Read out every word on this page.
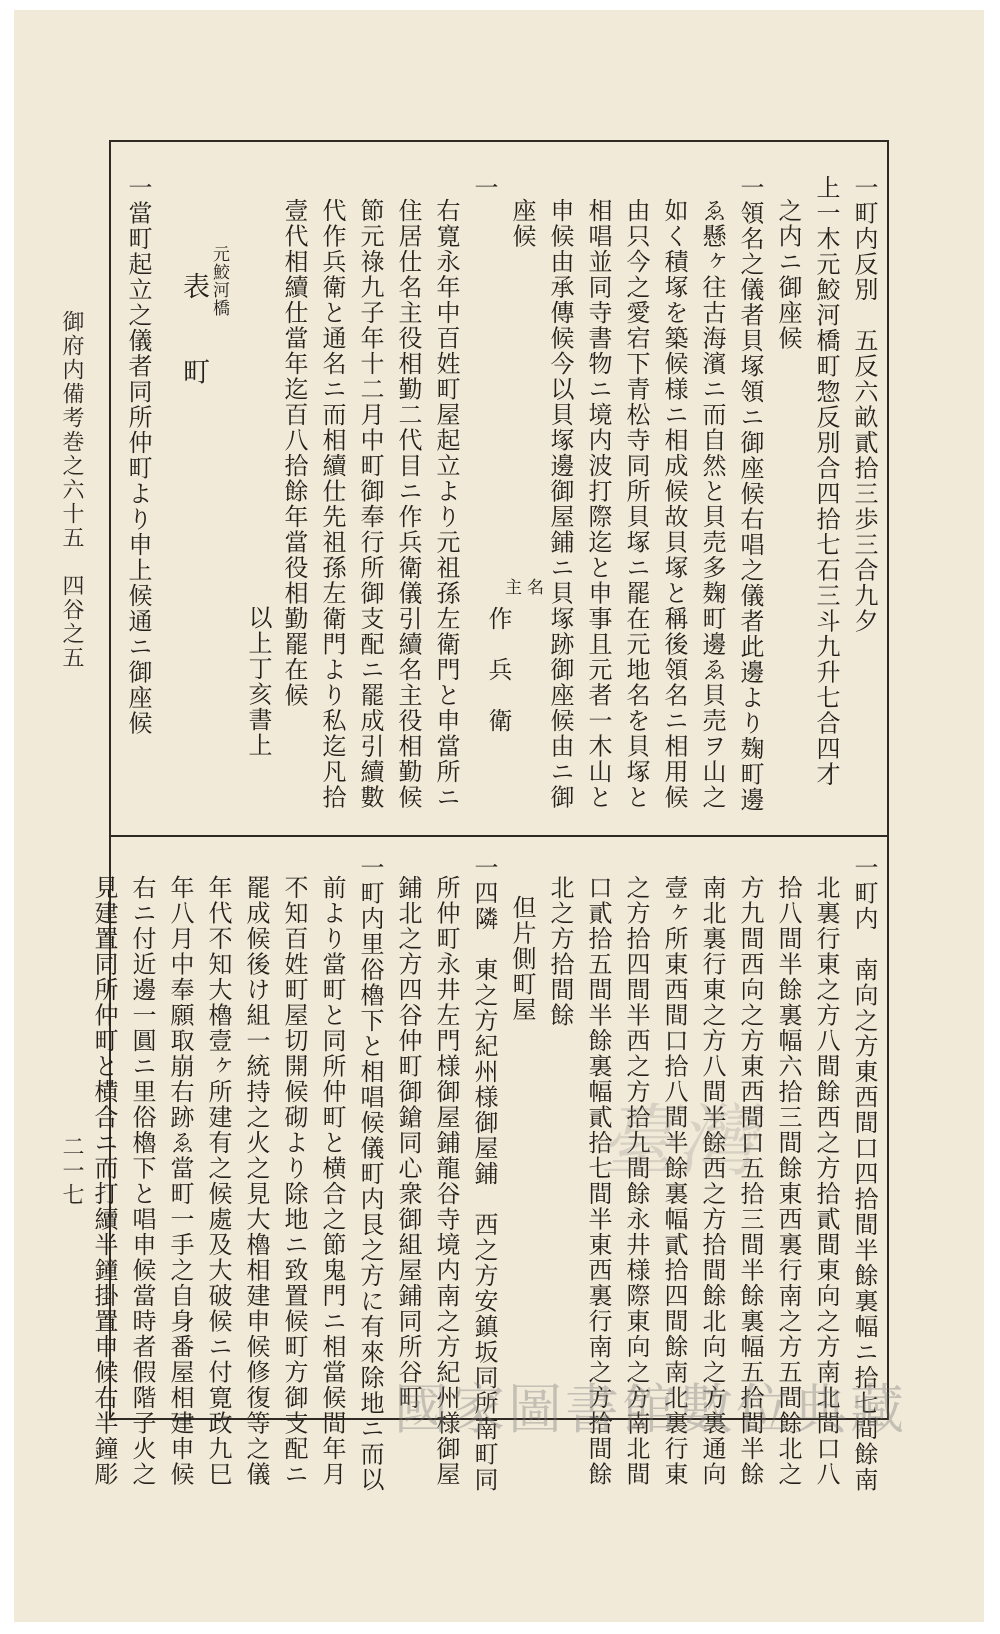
御府内備考巻之六十五　四谷之五
二一七
一町内反別　五反六畝貳拾三歩三合九夕
上一木元鮫河橋町惣反別合四拾七石三斗九升七合四才
之内ニ御座候
一領名之儀者貝塚領ニ御座候右唱之儀者此邊より麹町邊
ゑ懸ヶ往古海濱ニ而自然と貝売多麹町邊ゑ貝売ヲ山之
如く積塚を築候様ニ相成候故貝塚と稱後領名ニ相用候
由只今之愛宕下青松寺同所貝塚ニ罷在元地名を貝塚と
相唱並同寺書物ニ境内波打際迄と申事且元者一木山と
申候由承傳候今以貝塚邊御屋鋪ニ貝塚跡御座候由ニ御
座候
主 名
作　兵　衛
一
右寛永年中百姓町屋起立より元祖孫左衛門と申當所ニ
住居仕名主役相勤二代目ニ作兵衛儀引續名主役相勤候
節元祿九子年十二月中町御奉行所御支配ニ罷成引續數
代作兵衛と通名ニ而相續仕先祖孫左衛門より私迄凡拾
壹代相續仕當年迄百八拾餘年當役相勤罷在候
以上丁亥書上
元鮫河橋
表　　町
一當町起立之儀者同所仲町より申上候通ニ御座候
一町内　南向之方東西間口四拾間半餘裏幅ニ拾七間餘南
北裏行東之方八間餘西之方拾貳間東向之方南北間口八
拾八間半餘裏幅六拾三間餘東西裏行南之方五間餘北之
方九間西向之方東西間口五拾三間半餘裏幅五拾間半餘
南北裏行東之方八間半餘西之方拾間餘北向之方裏通向
壹ヶ所東西間口拾八間半餘裏幅貳拾四間餘南北裏行東
之方拾四間半西之方拾九間餘永井様際東向之方南北間
口貳拾五間半餘裏幅貳拾七間半東西裏行南之方拾間餘
北之方拾間餘
但片側町屋
一四隣　東之方紀州様御屋鋪　西之方安鎮坂同所南町同
所仲町永井左門様御屋鋪龍谷寺境内南之方紀州様御屋
鋪北之方四谷仲町御鎗同心衆御組屋鋪同所谷町
一町内里俗櫓下と相唱候儀町内艮之方に有來除地ニ而以
前より當町と同所仲町と横合之節鬼門ニ相當候間年月
不知百姓町屋切開候砌より除地ニ致置候町方御支配ニ
罷成候後け組一統持之火之見大櫓相建申候修復等之儀
年代不知大櫓壹ヶ所建有之候處及大破候ニ付寛政九巳
年八月中奉願取崩右跡ゑ當町一手之自身番屋相建申候
右ニ付近邊一圓ニ里俗櫓下と唱申候當時者假階子火之
見建置同所仲町と横合ニ而打續半鐘掛置申候右半鐘彫	臺灣
國家圖書館數位典藏
